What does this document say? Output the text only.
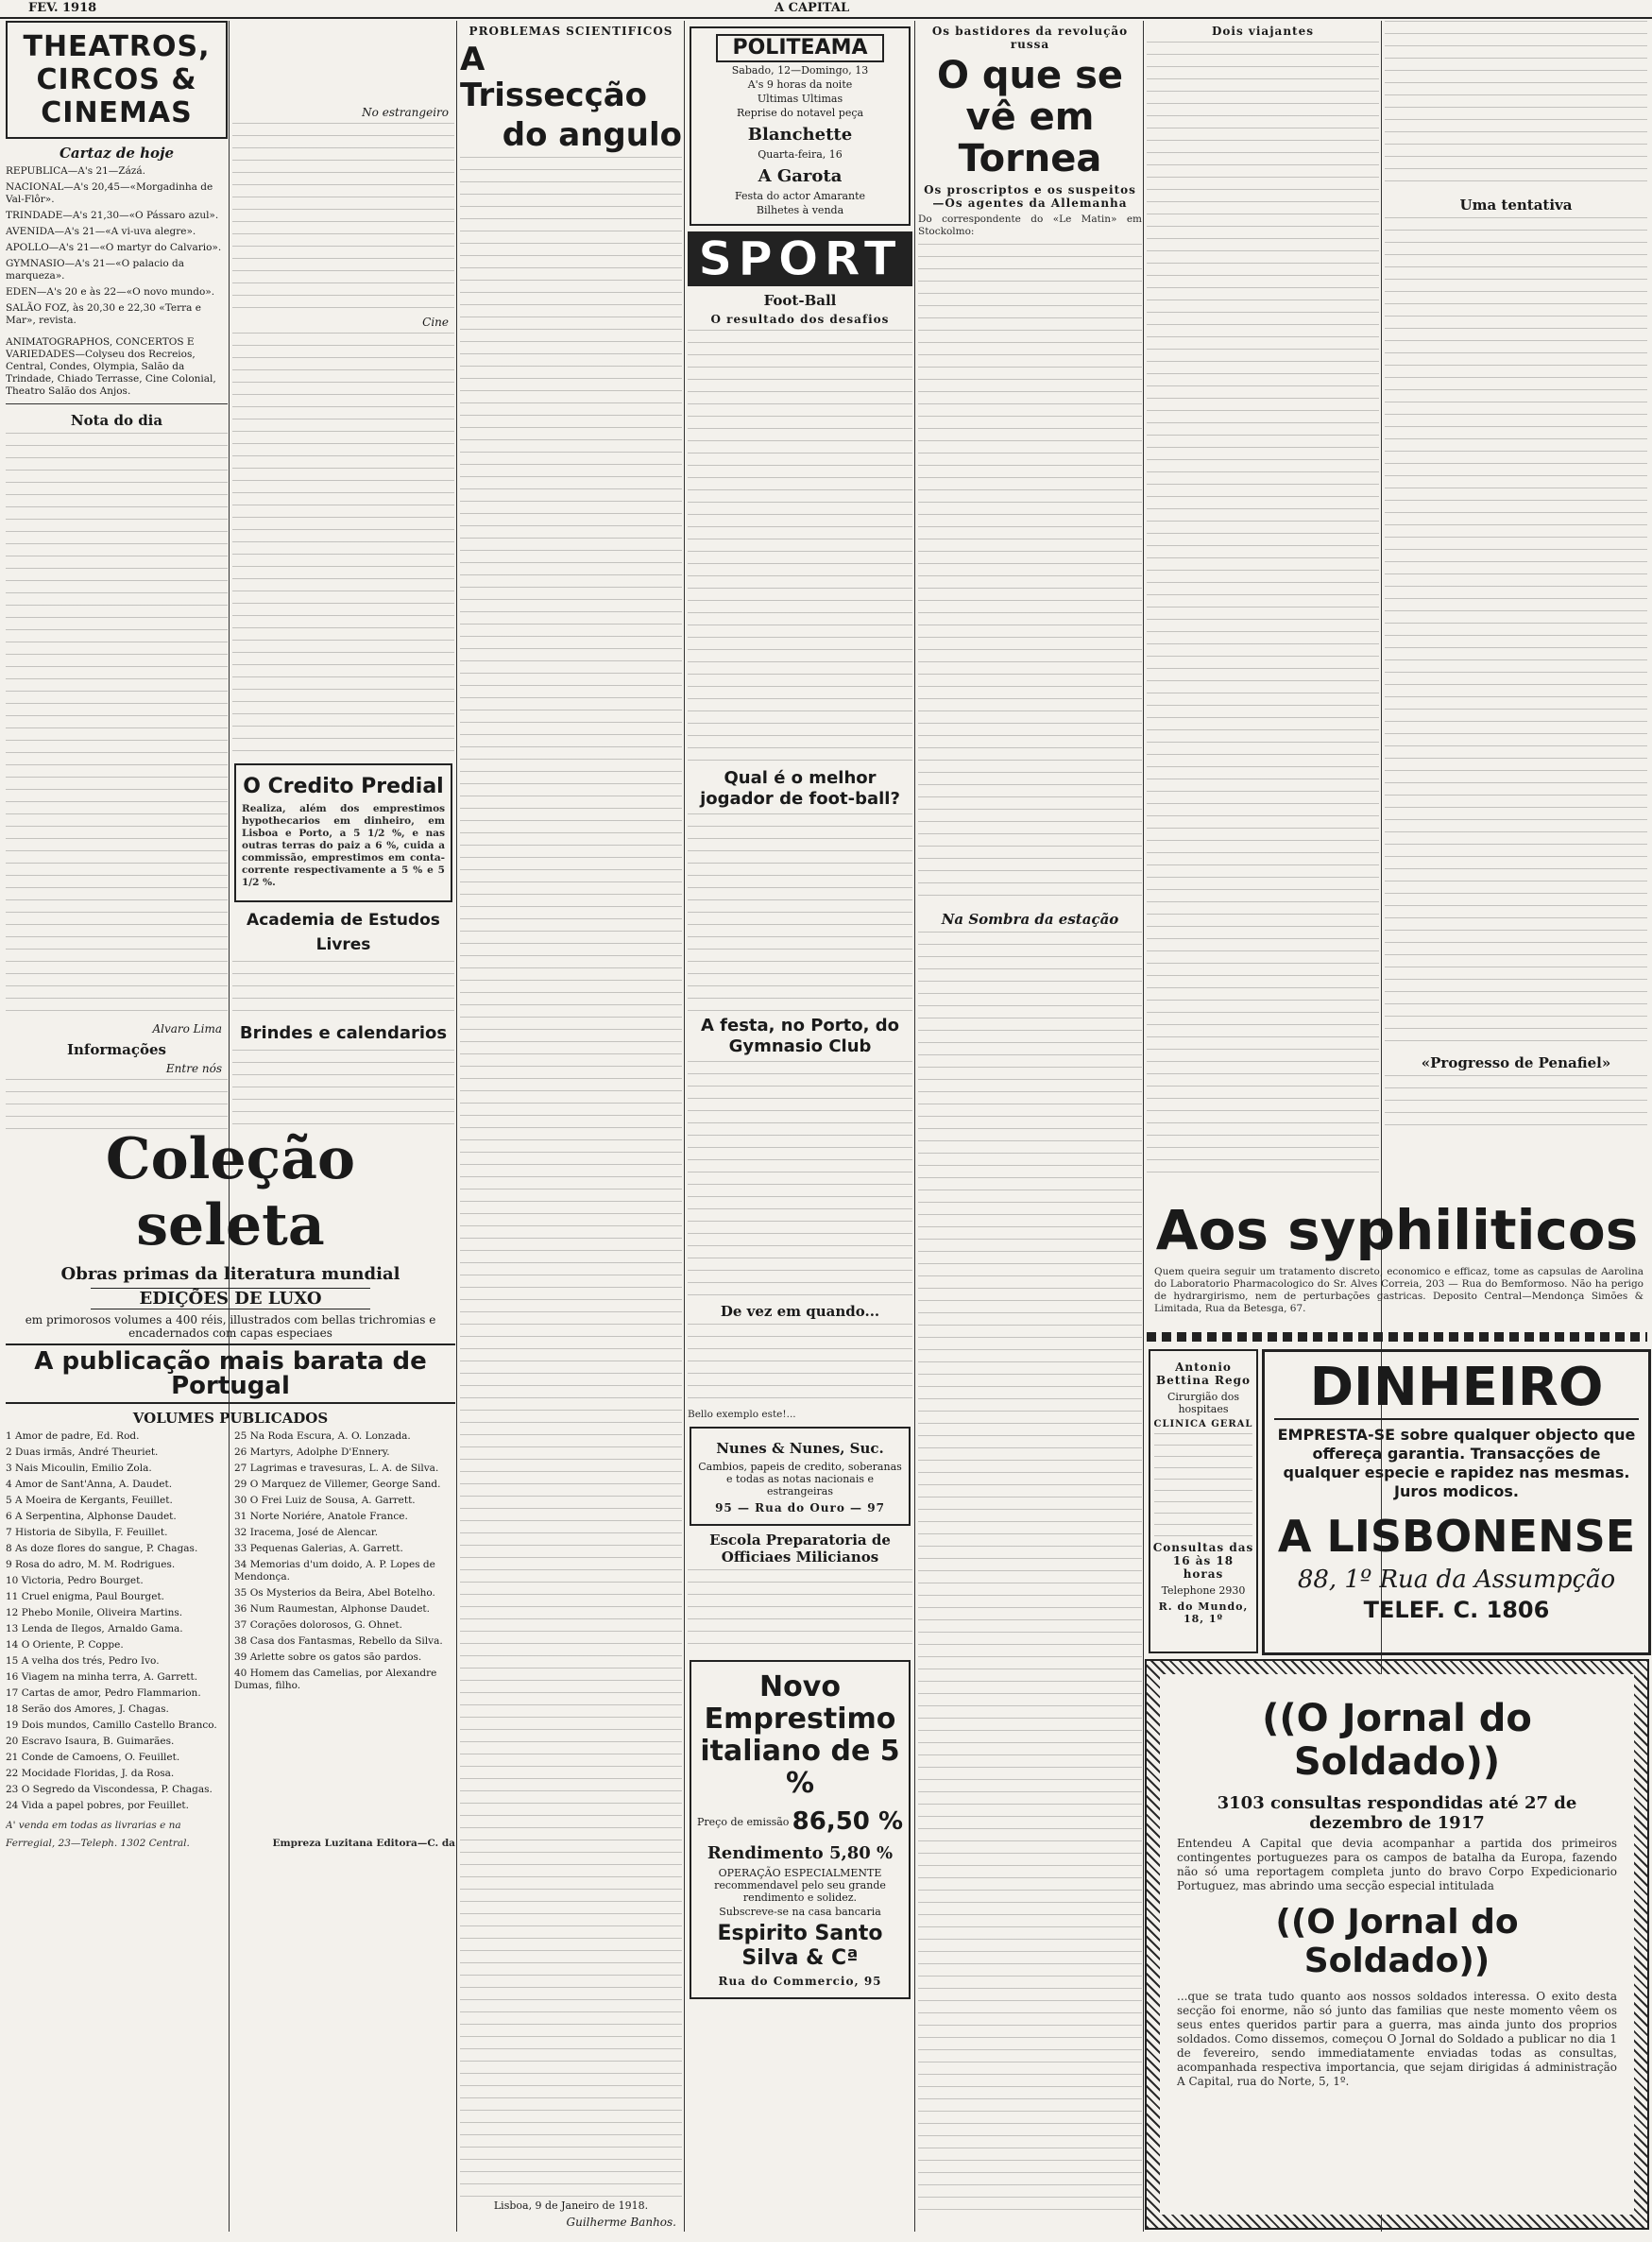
FEV. 1918	A CAPITAL
THEATROS, CIRCOS & CINEMAS
Cartaz de hoje
REPUBLICA—A's 21—Zázá.
NACIONAL—A's 20,45—«Morgadinha de Val-Flôr».
TRINDADE—A's 21,30—«O Pássaro azul».
AVENIDA—A's 21—«A vi-uva alegre».
APOLLO—A's 21—«O martyr do Calvario».
GYMNASIO—A's 21—«O palacio da marqueza».
EDEN—A's 20 e às 22—«O novo mundo».
SALÃO FOZ, às 20,30 e 22,30 «Terra e Mar», revista.
ANIMATOGRAPHOS, CONCERTOS E VARIEDADES—Colyseu dos Recreios, Central, Condes, Olympia, Salão da Trindade, Chiado Terrasse, Cine Colonial, Theatro Salão dos Anjos.
Nota do dia
Alvaro Lima
Informações
Entre nós
No estrangeiro
Cine
O Credito Predial
Realiza, além dos emprestimos hypothecarios em dinheiro, em Lisboa e Porto, a 5 1/2 %, e nas outras terras do paiz a 6 %, cuida a commissão, emprestimos em conta-corrente respectivamente a 5 % e 5 1/2 %.
Academia de Estudos Livres
Brindes e calendarios
PROBLEMAS SCIENTIFICOS
A Trissecção
do angulo
Lisboa, 9 de Janeiro de 1918.
Guilherme Banhos.
POLITEAMA
Sabado, 12—Domingo, 13
A's 9 horas da noite
Ultimas Ultimas
Reprise do notavel peça
Blanchette
Quarta-feira, 16
A Garota
Festa do actor Amarante
Bilhetes à venda
SPORT
Foot-Ball
O resultado dos desafios
Qual é o melhor jogador de foot-ball?
A festa, no Porto, do Gymnasio Club
De vez em quando...
Bello exemplo este!...
Nunes & Nunes, Suc.
Cambios, papeis de credito, soberanas e todas as notas nacionais e estrangeiras
95 — Rua do Ouro — 97
Escola Preparatoria de Officiaes Milicianos
Novo Emprestimo italiano de 5 %
Preço de emissão 86,50 %
Rendimento 5,80 %
OPERAÇÃO ESPECIALMENTE recommendavel pelo seu grande rendimento e solidez.
Subscreve-se na casa bancaria
Espirito Santo Silva & Cª
Rua do Commercio, 95
Os bastidores da revolução russa
O que se vê em Tornea
Os proscriptos e os suspeitos—Os agentes da Allemanha
Do correspondente do «Le Matin» em Stockolmo:
Na Sombra da estação
Dois viajantes
Uma tentativa
«Progresso de Penafiel»
Aos syphiliticos
Quem queira seguir um tratamento discreto, economico e efficaz, tome as capsulas de Aarolina do Laboratorio Pharmacologico do Sr. Alves Correia, 203 — Rua do Bemformoso. Não ha perigo de hydrargirismo, nem de perturbações gastricas. Deposito Central—Mendonça Simões & Limitada, Rua da Betesga, 67.
Antonio Bettina Rego
Cirurgião dos hospitaes
CLINICA GERAL
Consultas das 16 às 18 horas
Telephone 2930
R. do Mundo, 18, 1º
DINHEIRO
EMPRESTA-SE sobre qualquer objecto que offereça garantia. Transacções de qualquer especie e rapidez nas mesmas. Juros modicos.
A LISBONENSE
88, 1º Rua da Assumpção
TELEF. C. 1806
Coleção seleta
Obras primas da literatura mundial
EDIÇÕES DE LUXO
em primorosos volumes a 400 réis, illustrados com bellas trichromias e encadernados com capas especiaes
A publicação mais barata de Portugal
VOLUMES PUBLICADOS
1 Amor de padre, Ed. Rod.
2 Duas irmãs, André Theuriet.
3 Nais Micoulin, Emilio Zola.
4 Amor de Sant'Anna, A. Daudet.
5 A Moeira de Kergants, Feuillet.
6 A Serpentina, Alphonse Daudet.
7 Historia de Sibylla, F. Feuillet.
8 As doze flores do sangue, P. Chagas.
9 Rosa do adro, M. M. Rodrigues.
10 Victoria, Pedro Bourget.
11 Cruel enigma, Paul Bourget.
12 Phebo Monile, Oliveira Martins.
13 Lenda de Ilegos, Arnaldo Gama.
14 O Oriente, P. Coppe.
15 A velha dos trés, Pedro Ivo.
16 Viagem na minha terra, A. Garrett.
17 Cartas de amor, Pedro Flammarion.
18 Serão dos Amores, J. Chagas.
19 Dois mundos, Camillo Castello Branco.
20 Escravo Isaura, B. Guimarães.
21 Conde de Camoens, O. Feuillet.
22 Mocidade Floridas, J. da Rosa.
23 O Segredo da Viscondessa, P. Chagas.
24 Vida a papel pobres, por Feuillet.
25 Na Roda Escura, A. O. Lonzada.
26 Martyrs, Adolphe D'Ennery.
27 Lagrimas e travesuras, L. A. de Silva.
29 O Marquez de Villemer, George Sand.
30 O Frei Luiz de Sousa, A. Garrett.
31 Norte Noriére, Anatole France.
32 Iracema, José de Alencar.
33 Pequenas Galerias, A. Garrett.
34 Memorias d'um doido, A. P. Lopes de Mendonça.
35 Os Mysterios da Beira, Abel Botelho.
36 Num Raumestan, Alphonse Daudet.
37 Corações dolorosos, G. Ohnet.
38 Casa dos Fantasmas, Rebello da Silva.
39 Arlette sobre os gatos são pardos.
40 Homem das Camelias, por Alexandre Dumas, filho.
A' venda em todas as livrarias e na
Ferregial, 23—Teleph. 1302 Central.	Empreza Luzitana Editora—C. da
((O Jornal do Soldado))
3103 consultas respondidas até 27 de dezembro de 1917
Entendeu A Capital que devia acompanhar a partida dos primeiros contingentes portuguezes para os campos de batalha da Europa, fazendo não só uma reportagem completa junto do bravo Corpo Expedicionario Portuguez, mas abrindo uma secção especial intitulada
((O Jornal do Soldado))
...que se trata tudo quanto aos nossos soldados interessa. O exito desta secção foi enorme, não só junto das familias que neste momento vêem os seus entes queridos partir para a guerra, mas ainda junto dos proprios soldados. Como dissemos, começou O Jornal do Soldado a publicar no dia 1 de fevereiro, sendo immediatamente enviadas todas as consultas, acompanhada respectiva importancia, que sejam dirigidas á administração A Capital, rua do Norte, 5, 1º.
